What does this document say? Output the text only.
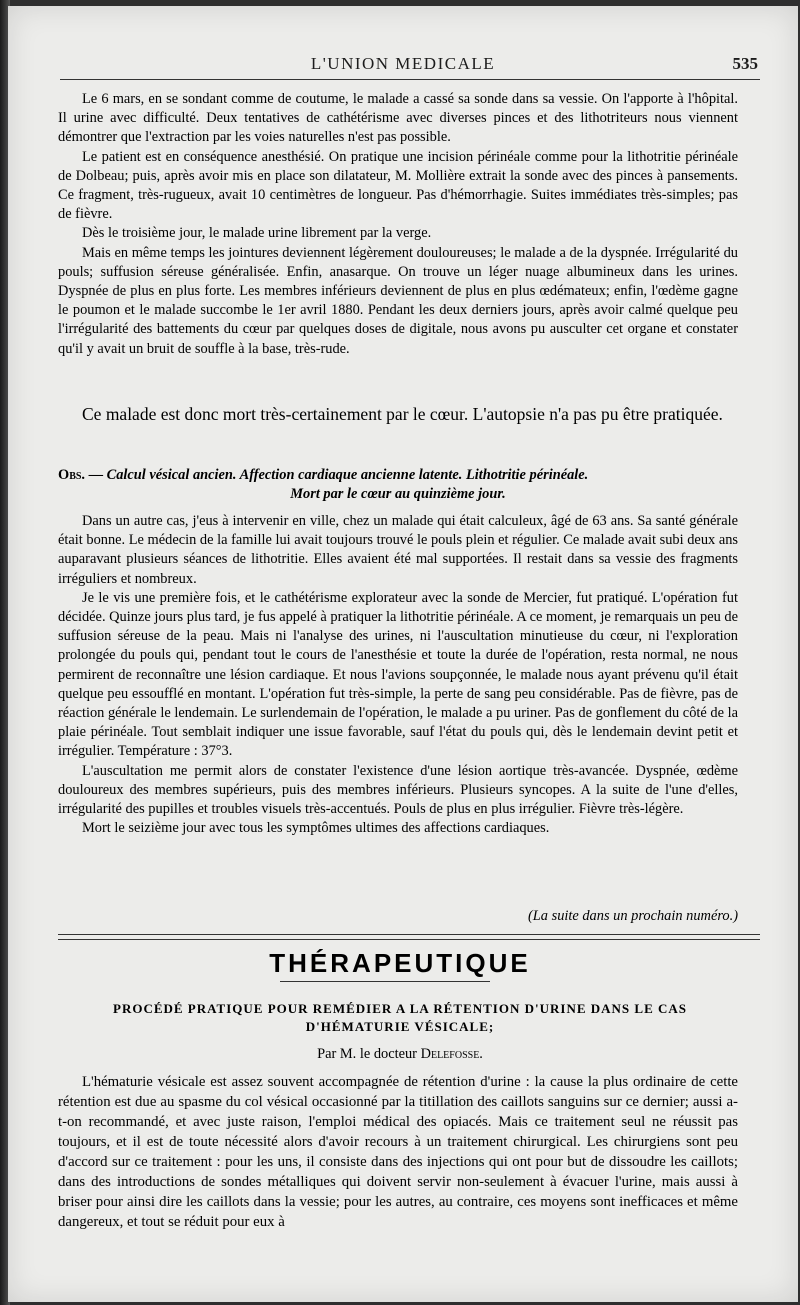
L'UNION MEDICALE	535

Le 6 mars, en se sondant comme de coutume, le malade a cassé sa sonde dans sa vessie. On l'apporte à l'hôpital. Il urine avec difficulté. Deux tentatives de cathétérisme avec diverses pinces et des lithotriteurs nous viennent démontrer que l'extraction par les voies naturelles n'est pas possible.

Le patient est en conséquence anesthésié. On pratique une incision périnéale comme pour la lithotritie périnéale de Dolbeau; puis, après avoir mis en place son dilatateur, M. Mollière extrait la sonde avec des pinces à pansements. Ce fragment, très-rugueux, avait 10 centimètres de longueur. Pas d'hémorrhagie. Suites immédiates très-simples; pas de fièvre.

Dès le troisième jour, le malade urine librement par la verge.

Mais en même temps les jointures deviennent légèrement douloureuses; le malade a de la dyspnée. Irrégularité du pouls; suffusion séreuse généralisée. Enfin, anasarque. On trouve un léger nuage albumineux dans les urines. Dyspnée de plus en plus forte. Les membres inférieurs deviennent de plus en plus œdémateux; enfin, l'œdème gagne le poumon et le malade succombe le 1er avril 1880. Pendant les deux derniers jours, après avoir calmé quelque peu l'irrégularité des battements du cœur par quelques doses de digitale, nous avons pu ausculter cet organe et constater qu'il y avait un bruit de souffle à la base, très-rude.

Ce malade est donc mort très-certainement par le cœur. L'autopsie n'a pas pu être pratiquée.

Obs. — Calcul vésical ancien. Affection cardiaque ancienne latente. Lithotritie périnéale.
Mort par le cœur au quinzième jour.

Dans un autre cas, j'eus à intervenir en ville, chez un malade qui était calculeux, âgé de 63 ans. Sa santé générale était bonne. Le médecin de la famille lui avait toujours trouvé le pouls plein et régulier. Ce malade avait subi deux ans auparavant plusieurs séances de lithotritie. Elles avaient été mal supportées. Il restait dans sa vessie des fragments irréguliers et nombreux.

Je le vis une première fois, et le cathétérisme explorateur avec la sonde de Mercier, fut pratiqué. L'opération fut décidée. Quinze jours plus tard, je fus appelé à pratiquer la lithotritie périnéale. A ce moment, je remarquais un peu de suffusion séreuse de la peau. Mais ni l'analyse des urines, ni l'auscultation minutieuse du cœur, ni l'exploration prolongée du pouls qui, pendant tout le cours de l'anesthésie et toute la durée de l'opération, resta normal, ne nous permirent de reconnaître une lésion cardiaque. Et nous l'avions soupçonnée, le malade nous ayant prévenu qu'il était quelque peu essoufflé en montant. L'opération fut très-simple, la perte de sang peu considérable. Pas de fièvre, pas de réaction générale le lendemain. Le surlendemain de l'opération, le malade a pu uriner. Pas de gonflement du côté de la plaie périnéale. Tout semblait indiquer une issue favorable, sauf l'état du pouls qui, dès le lendemain devint petit et irrégulier. Température : 37°3.

L'auscultation me permit alors de constater l'existence d'une lésion aortique très-avancée. Dyspnée, œdème douloureux des membres supérieurs, puis des membres inférieurs. Plusieurs syncopes. A la suite de l'une d'elles, irrégularité des pupilles et troubles visuels très-accentués. Pouls de plus en plus irrégulier. Fièvre très-légère.

Mort le seizième jour avec tous les symptômes ultimes des affections cardiaques.

(La suite dans un prochain numéro.)
THÉRAPEUTIQUE
PROCÉDÉ PRATIQUE POUR REMÉDIER A LA RÉTENTION D'URINE DANS LE CAS D'HÉMATURIE VÉSICALE;
Par M. le docteur Delefosse.

L'hématurie vésicale est assez souvent accompagnée de rétention d'urine : la cause la plus ordinaire de cette rétention est due au spasme du col vésical occasionné par la titillation des caillots sanguins sur ce dernier; aussi a-t-on recommandé, et avec juste raison, l'emploi médical des opiacés. Mais ce traitement seul ne réussit pas toujours, et il est de toute nécessité alors d'avoir recours à un traitement chirurgical. Les chirurgiens sont peu d'accord sur ce traitement : pour les uns, il consiste dans des injections qui ont pour but de dissoudre les caillots; dans des introductions de sondes métalliques qui doivent servir non-seulement à évacuer l'urine, mais aussi à briser pour ainsi dire les caillots dans la vessie; pour les autres, au contraire, ces moyens sont inefficaces et même dangereux, et tout se réduit pour eux à
